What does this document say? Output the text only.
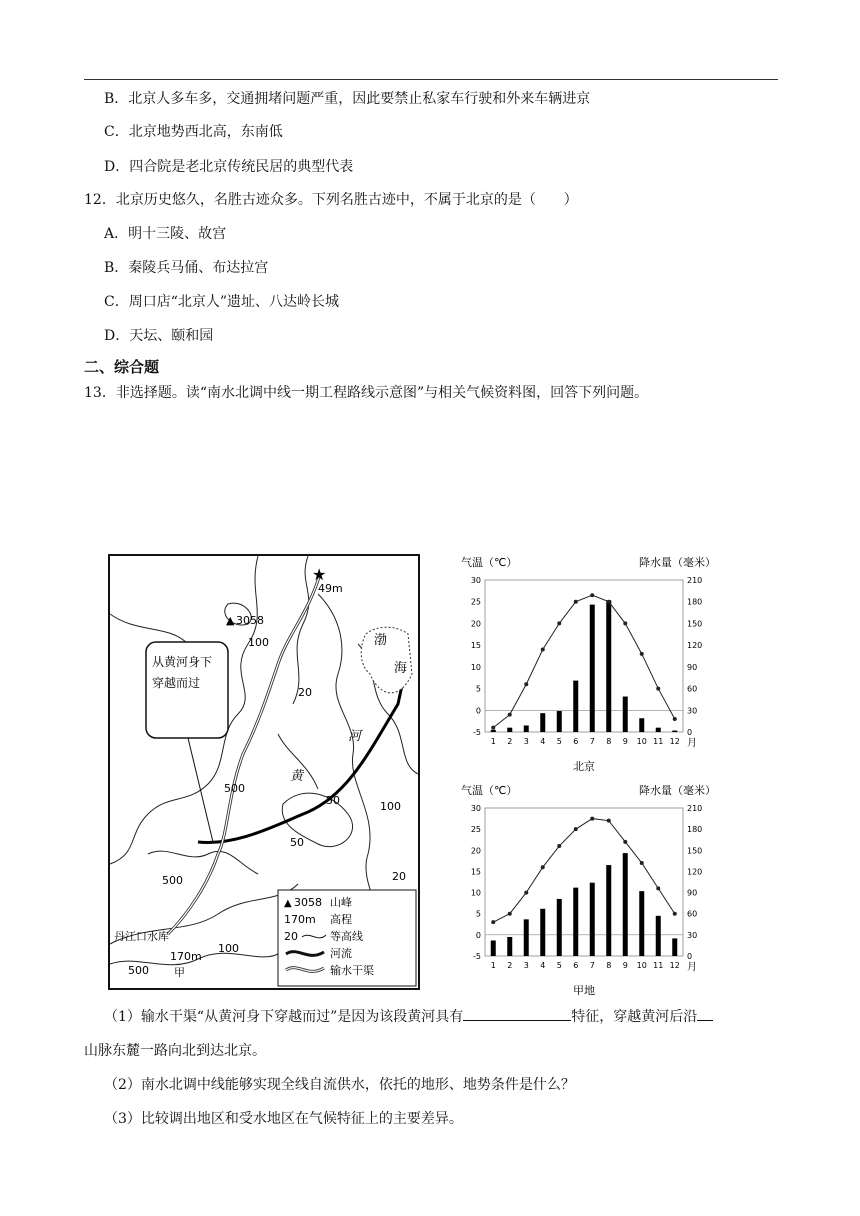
B．北京人多车多，交通拥堵问题严重，因此要禁止私家车行驶和外来车辆进京
C．北京地势西北高，东南低
D．四合院是老北京传统民居的典型代表
12．北京历史悠久，名胜古迹众多。下列名胜古迹中，不属于北京的是（　　）
A．明十三陵、故宫
B．秦陵兵马俑、布达拉宫
C．周口店“北京人”遗址、八达岭长城
D．天坛、颐和园
二、综合题
13．非选择题。读“南水北调中线一期工程路线示意图”与相关气候资料图，回答下列问题。
渤
海
★
49m
▲ 3058
100
20
500
50	100
50
500	20
100
500
河
黄
从黄河身下
穿越而过
丹江口水库
170m
甲
▲ 3058 山峰
170m 高程
20	等高线
河流
输水干渠
气温（℃）	降水量（毫米）
30
25
20
15
10
5
0
-5
210
180
150
120
90
60
30
0
1 2 3 4 5 6 7 8 9 10 11 12 月
北京
气温（℃）	降水量（毫米）
30
25
20
15
10
5
0
-5
210
180
150
120
90
60
30
0
1 2 3 4 5 6 7 8 9 10 11 12 月
甲地
（1）输水干渠“从黄河身下穿越而过”是因为该段黄河具有	特征，穿越黄河后沿
山脉东麓一路向北到达北京。
（2）南水北调中线能够实现全线自流供水，依托的地形、地势条件是什么？
（3）比较调出地区和受水地区在气候特征上的主要差异。
